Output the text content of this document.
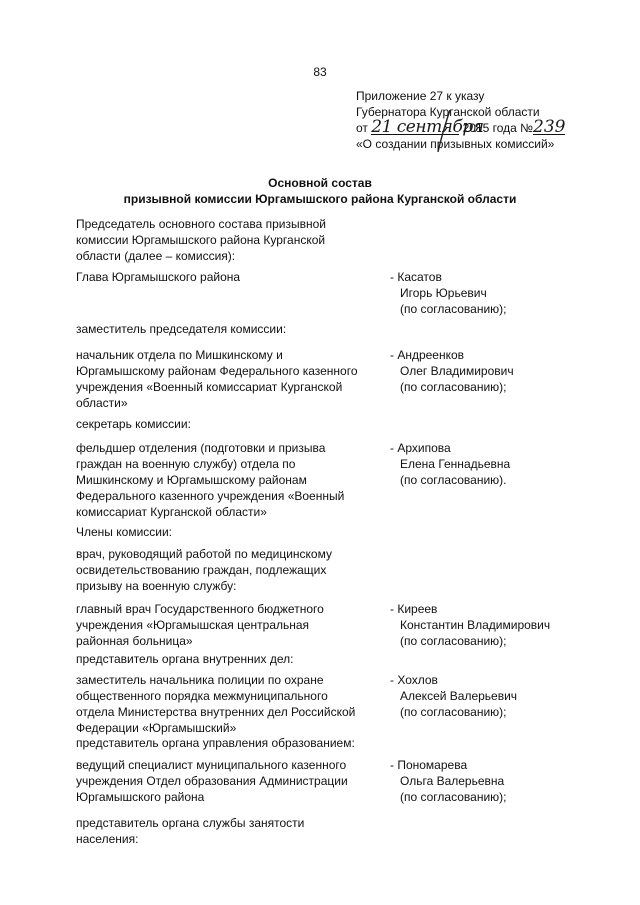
83
Приложение 27 к указу
Губернатора Курганской области
от 21 сентября 2015 года №239
«О создании призывных комиссий»
Основной состав
призывной комиссии Юргамышского района Курганской области
Председатель основного состава призывной
комиссии Юргамышского района Курганской
области (далее – комиссия):
Глава Юргамышского района	- Касатов
Игорь Юрьевич
(по согласованию);
заместитель председателя комиссии:
начальник отдела по Мишкинскому и
Юргамышскому районам Федерального казенного
учреждения «Военный комиссариат Курганской
области»
- Андреенков
Олег Владимирович
(по согласованию);
секретарь комиссии:
фельдшер отделения (подготовки и призыва
граждан на военную службу) отдела по
Мишкинскому и Юргамышскому районам
Федерального казенного учреждения «Военный
комиссариат Курганской области»
- Архипова
Елена Геннадьевна
(по согласованию).
Члены комиссии:
врач, руководящий работой по медицинскому
освидетельствованию граждан, подлежащих
призыву на военную службу:
главный врач Государственного бюджетного
учреждения «Юргамышская центральная
районная больница»
- Киреев
Константин Владимирович
(по согласованию);
представитель органа внутренних дел:
заместитель начальника полиции по охране
общественного порядка межмуниципального
отдела Министерства внутренних дел Российской
Федерации «Юргамышский»
- Хохлов
Алексей Валерьевич
(по согласованию);
представитель органа управления образованием:
ведущий специалист муниципального казенного
учреждения Отдел образования Администрации
Юргамышского района
- Пономарева
Ольга Валерьевна
(по согласованию);
представитель органа службы занятости
населения:
